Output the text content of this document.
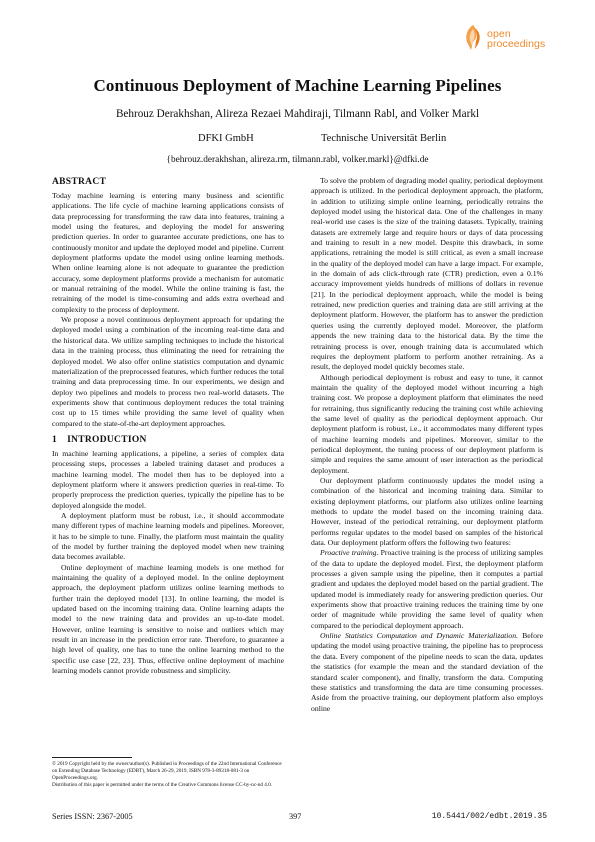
open
proceedings
Continuous Deployment of Machine Learning Pipelines
Behrouz Derakhshan, Alireza Rezaei Mahdiraji, Tilmann Rabl, and Volker Markl
DFKI GmbH	Technische Universität Berlin
{behrouz.derakhshan, alireza.rm, tilmann.rabl, volker.markl}@dfki.de
ABSTRACT

Today machine learning is entering many business and scientific applications. The life cycle of machine learning applications consists of data preprocessing for transforming the raw data into features, training a model using the features, and deploying the model for answering prediction queries. In order to guarantee accurate predictions, one has to continuously monitor and update the deployed model and pipeline. Current deployment platforms update the model using online learning methods. When online learning alone is not adequate to guarantee the prediction accuracy, some deployment platforms provide a mechanism for automatic or manual retraining of the model. While the online training is fast, the retraining of the model is time-consuming and adds extra overhead and complexity to the process of deployment.

We propose a novel continuous deployment approach for updating the deployed model using a combination of the incoming real-time data and the historical data. We utilize sampling techniques to include the historical data in the training process, thus eliminating the need for retraining the deployed model. We also offer online statistics computation and dynamic materialization of the preprocessed features, which further reduces the total training and data preprocessing time. In our experiments, we design and deploy two pipelines and models to process two real-world datasets. The experiments show that continuous deployment reduces the total training cost up to 15 times while providing the same level of quality when compared to the state-of-the-art deployment approaches.

1 INTRODUCTION

In machine learning applications, a pipeline, a series of complex data processing steps, processes a labeled training dataset and produces a machine learning model. The model then has to be deployed into a deployment platform where it answers prediction queries in real-time. To properly preprocess the prediction queries, typically the pipeline has to be deployed alongside the model.

A deployment platform must be robust, i.e., it should accommodate many different types of machine learning models and pipelines. Moreover, it has to be simple to tune. Finally, the platform must maintain the quality of the model by further training the deployed model when new training data becomes available.

Online deployment of machine learning models is one method for maintaining the quality of a deployed model. In the online deployment approach, the deployment platform utilizes online learning methods to further train the deployed model [13]. In online learning, the model is updated based on the incoming training data. Online learning adapts the model to the new training data and provides an up-to-date model. However, online learning is sensitive to noise and outliers which may result in an increase in the prediction error rate. Therefore, to guarantee a high level of quality, one has to tune the online learning method to the specific use case [22, 23]. Thus, effective online deployment of machine learning models cannot provide robustness and simplicity.

© 2019 Copyright held by the owner/author(s). Published in Proceedings of the 22nd International Conference on Extending Database Technology (EDBT), March 26-29, 2019, ISBN 978-3-89318-081-3 on OpenProceedings.org.
Distribution of this paper is permitted under the terms of the Creative Commons license CC-by-nc-nd 4.0.

To solve the problem of degrading model quality, periodical deployment approach is utilized. In the periodical deployment approach, the platform, in addition to utilizing simple online learning, periodically retrains the deployed model using the historical data. One of the challenges in many real-world use cases is the size of the training datasets. Typically, training datasets are extremely large and require hours or days of data processing and training to result in a new model. Despite this drawback, in some applications, retraining the model is still critical, as even a small increase in the quality of the deployed model can have a large impact. For example, in the domain of ads click-through rate (CTR) prediction, even a 0.1% accuracy improvement yields hundreds of millions of dollars in revenue [21]. In the periodical deployment approach, while the model is being retrained, new prediction queries and training data are still arriving at the deployment platform. However, the platform has to answer the prediction queries using the currently deployed model. Moreover, the platform appends the new training data to the historical data. By the time the retraining process is over, enough training data is accumulated which requires the deployment platform to perform another retraining. As a result, the deployed model quickly becomes stale.

Although periodical deployment is robust and easy to tune, it cannot maintain the quality of the deployed model without incurring a high training cost. We propose a deployment platform that eliminates the need for retraining, thus significantly reducing the training cost while achieving the same level of quality as the periodical deployment approach. Our deployment platform is robust, i.e., it accommodates many different types of machine learning models and pipelines. Moreover, similar to the periodical deployment, the tuning process of our deployment platform is simple and requires the same amount of user interaction as the periodical deployment.

Our deployment platform continuously updates the model using a combination of the historical and incoming training data. Similar to existing deployment platforms, our platform also utilizes online learning methods to update the model based on the incoming training data. However, instead of the periodical retraining, our deployment platform performs regular updates to the model based on samples of the historical data. Our deployment platform offers the following two features:

Proactive training. Proactive training is the process of utilizing samples of the data to update the deployed model. First, the deployment platform processes a given sample using the pipeline, then it computes a partial gradient and updates the deployed model based on the partial gradient. The updated model is immediately ready for answering prediction queries. Our experiments show that proactive training reduces the training time by one order of magnitude while providing the same level of quality when compared to the periodical deployment approach.

Online Statistics Computation and Dynamic Materialization. Before updating the model using proactive training, the pipeline has to preprocess the data. Every component of the pipeline needs to scan the data, updates the statistics (for example the mean and the standard deviation of the standard scaler component), and finally, transform the data. Computing these statistics and transforming the data are time consuming processes. Aside from the proactive training, our deployment platform also employs online

Series ISSN: 2367-2005	397	10.5441/002/edbt.2019.35
